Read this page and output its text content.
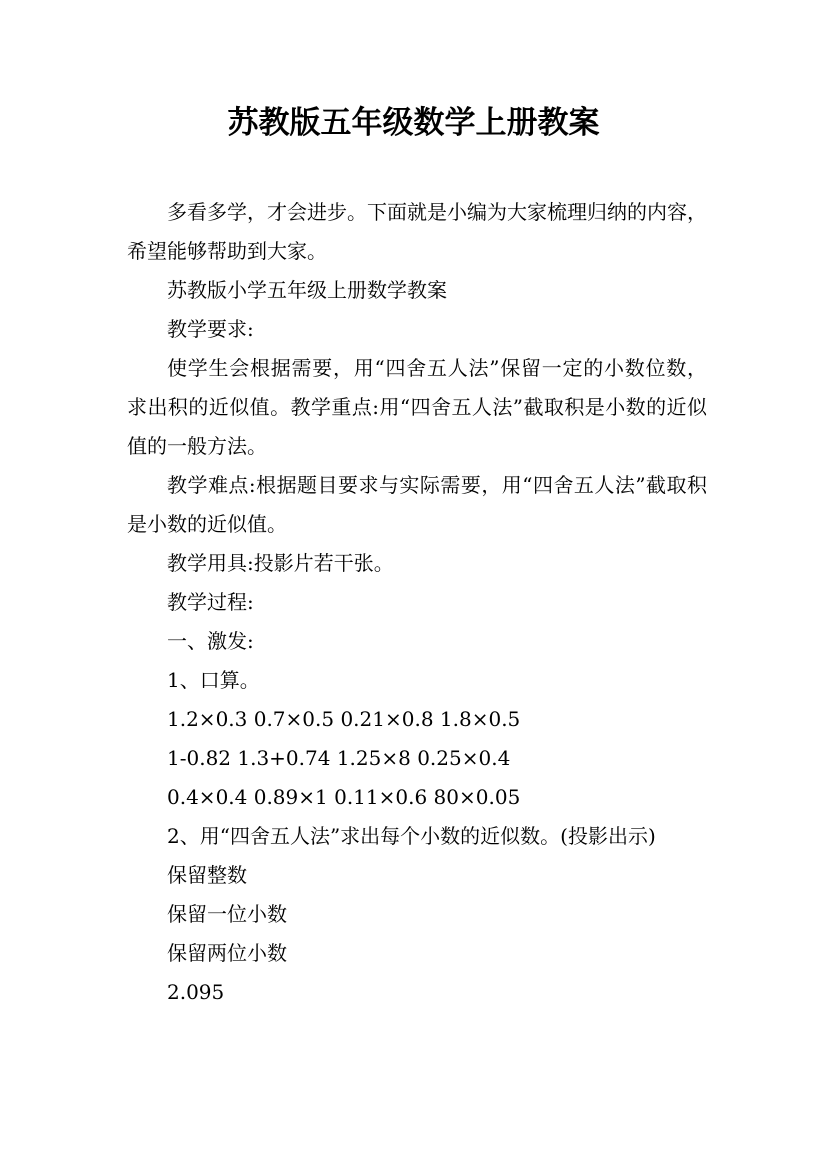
苏教版五年级数学上册教案

多看多学，才会进步。下面就是小编为大家梳理归纳的内容，希望能够帮助到大家。

苏教版小学五年级上册数学教案

教学要求:

使学生会根据需要，用“四舍五人法”保留一定的小数位数，求出积的近似值。教学重点:用“四舍五人法”截取积是小数的近似值的一般方法。

教学难点:根据题目要求与实际需要，用“四舍五人法”截取积是小数的近似值。

教学用具:投影片若干张。

教学过程:

一、激发:

1、口算。

1.2×0.3 0.7×0.5 0.21×0.8 1.8×0.5

1-0.82 1.3+0.74 1.25×8 0.25×0.4

0.4×0.4 0.89×1 0.11×0.6 80×0.05

2、用“四舍五人法”求出每个小数的近似数。(投影出示)

保留整数

保留一位小数

保留两位小数

2.095
